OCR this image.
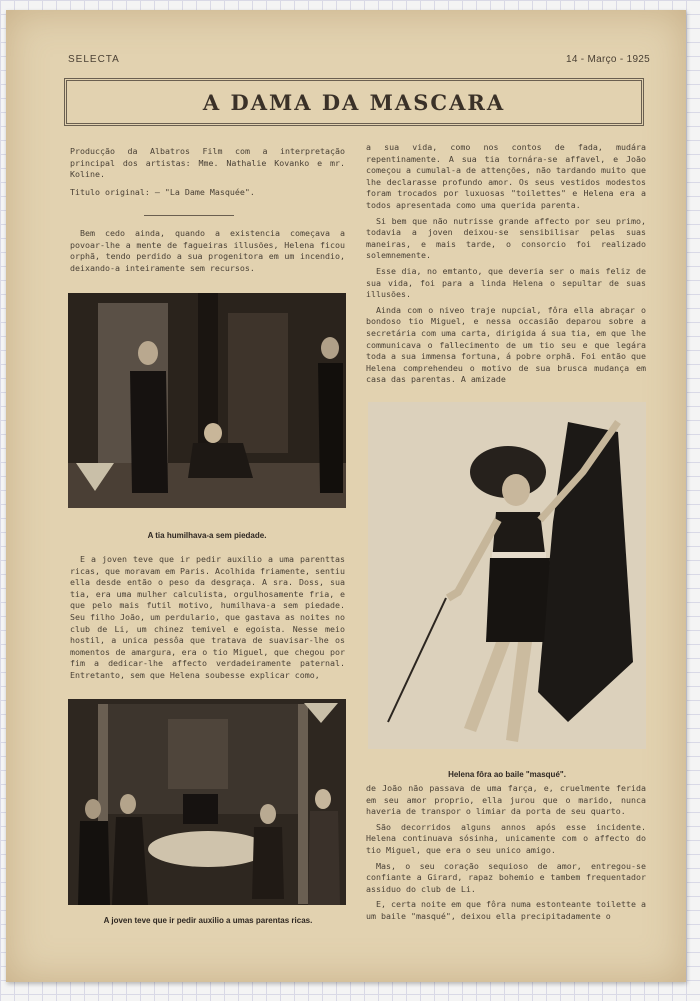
SELECTA	14 - Março - 1925
A DAMA DA MASCARA

Producção da Albatros Film com a interpretação principal dos artistas: Mme. Nathalie Kovanko e mr. Koline.

Titulo original: — "La Dame Masquée".

Bem cedo ainda, quando a existencia começava a povoar-lhe a mente de fagueiras illusões, Helena ficou orphã, tendo perdido a sua progenitora em um incendio, deixando-a inteiramente sem recursos.

A tia humilhava-a sem piedade.

E a joven teve que ir pedir auxilio a uma parenttas ricas, que moravam em Paris. Acolhida friamente, sentiu ella desde então o peso da desgraça. A sra. Doss, sua tia, era uma mulher calculista, orgulhosamente fria, e que pelo mais futil motivo, humilhava-a sem piedade. Seu filho João, um perdulario, que gastava as noites no club de Li, um chinez temivel e egoista. Nesse meio hostil, a unica pessôa que tratava de suavisar-lhe os momentos de amargura, era o tio Miguel, que chegou por fim a dedicar-lhe affecto verdadeiramente paternal. Entretanto, sem que Helena soubesse explicar como,

A joven teve que ir pedir auxilio a umas parentas ricas.

a sua vida, como nos contos de fada, mudára repentinamente. A sua tia tornára-se affavel, e João começou a cumulal-a de attenções, não tardando muito que lhe declarasse profundo amor. Os seus vestidos modestos foram trocados por luxuosas "toilettes" e Helena era a todos apresentada como uma querida parenta.

Si bem que não nutrisse grande affecto por seu primo, todavia a joven deixou-se sensibilisar pelas suas maneiras, e mais tarde, o consorcio foi realizado solemnemente.

Esse dia, no emtanto, que deveria ser o mais feliz de sua vida, foi para a linda Helena o sepultar de suas illusões.

Ainda com o niveo traje nupcial, fôra ella abraçar o bondoso tio Miguel, e nessa occasião deparou sobre a secretária com uma carta, dirigida á sua tia, em que lhe communicava o fallecimento de um tio seu e que legára toda a sua immensa fortuna, á pobre orphã. Foi então que Helena comprehendeu o motivo de sua brusca mudança em casa das parentas. A amizade

Helena fôra ao baile "masqué".

de João não passava de uma farça, e, cruelmente ferida em seu amor proprio, ella jurou que o marido, nunca haveria de transpor o limiar da porta de seu quarto.

São decorridos alguns annos após esse incidente. Helena continuava sósinha, unicamente com o affecto do tio Miguel, que era o seu unico amigo.

Mas, o seu coração sequioso de amor, entregou-se confiante a Girard, rapaz bohemio e tambem frequentador assiduo do club de Li.

E, certa noite em que fôra numa estonteante toilette a um baile "masqué", deixou ella precipitadamente o
